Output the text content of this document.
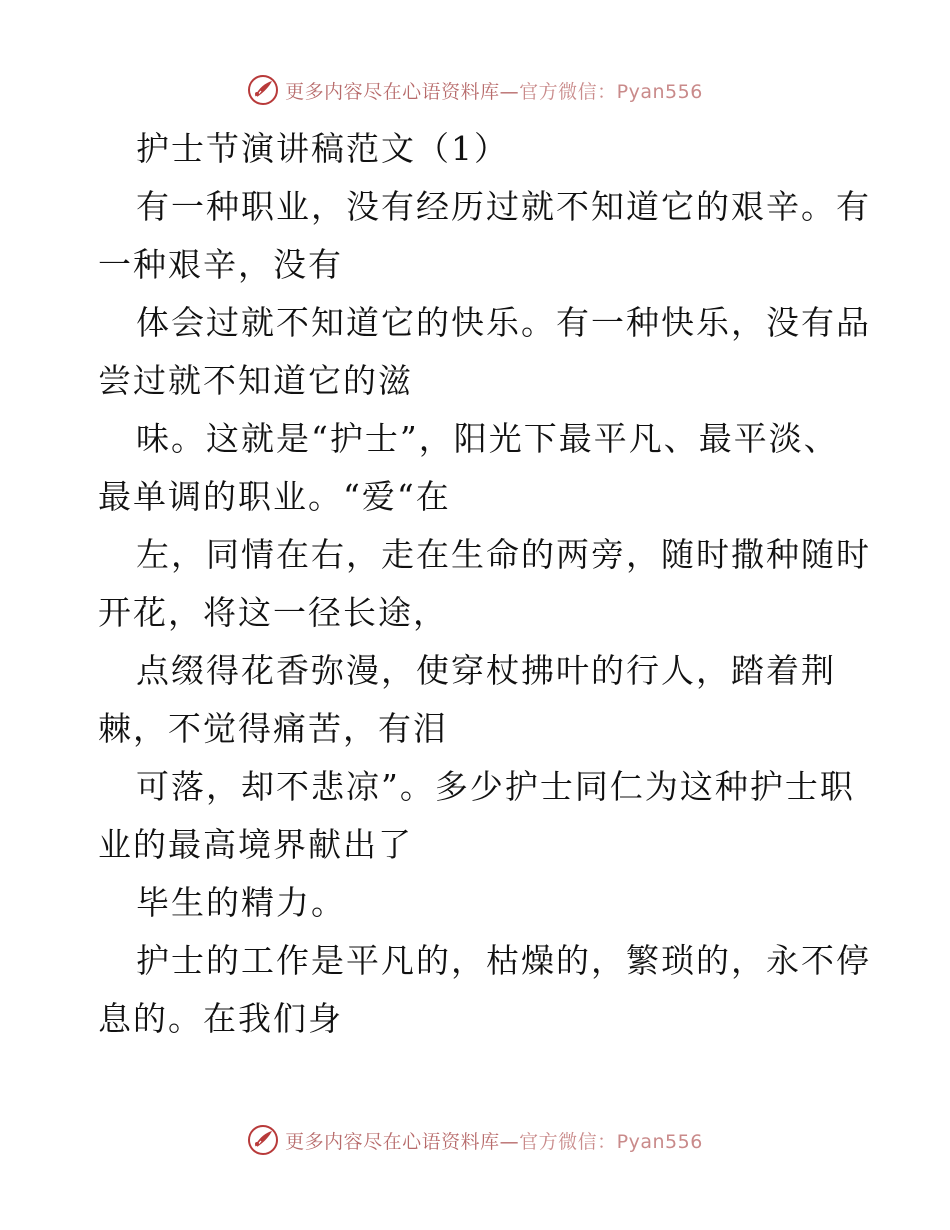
更多内容尽在心语资料库—官方微信：Pyan556
护士节演讲稿范文（1）
有一种职业，没有经历过就不知道它的艰辛。有
一种艰辛，没有
体会过就不知道它的快乐。有一种快乐，没有品
尝过就不知道它的滋
味。这就是“护士”，阳光下最平凡、最平淡、
最单调的职业。“爱“在
左，同情在右，走在生命的两旁，随时撒种随时
开花，将这一径长途，
点缀得花香弥漫，使穿杖拂叶的行人，踏着荆
棘，不觉得痛苦，有泪
可落，却不悲凉”。多少护士同仁为这种护士职
业的最高境界献出了
毕生的精力。
护士的工作是平凡的，枯燥的，繁琐的，永不停
息的。在我们身
更多内容尽在心语资料库—官方微信：Pyan556
